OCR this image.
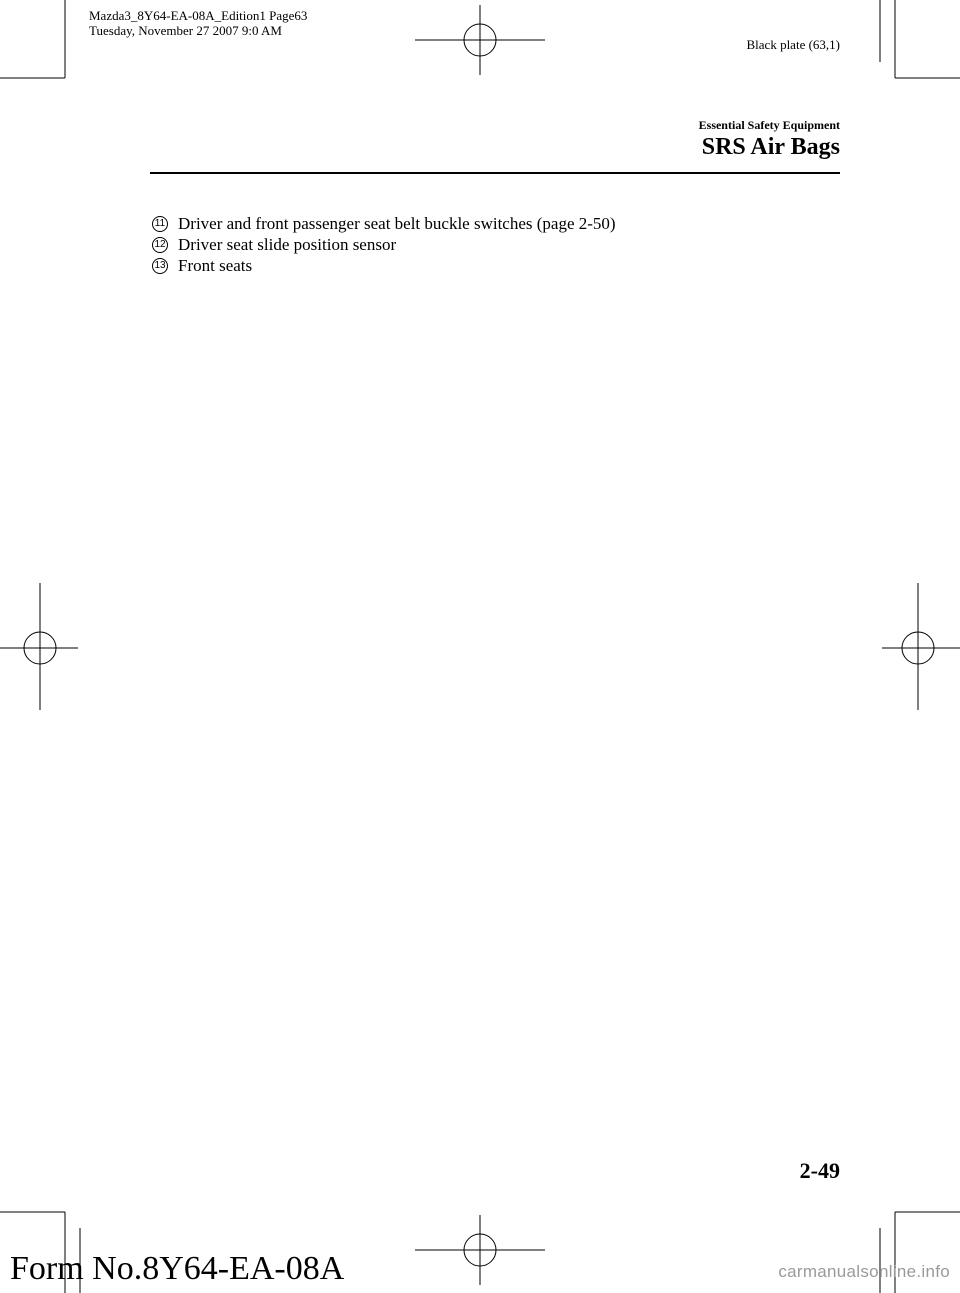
Mazda3_8Y64-EA-08A_Edition1 Page63
Tuesday, November 27 2007 9:0 AM
Black plate (63,1)
Essential Safety Equipment
SRS Air Bags
11 Driver and front passenger seat belt buckle switches (page 2-50)
12 Driver seat slide position sensor
13 Front seats
2-49
Form No.8Y64-EA-08A	carmanualsonline.info
